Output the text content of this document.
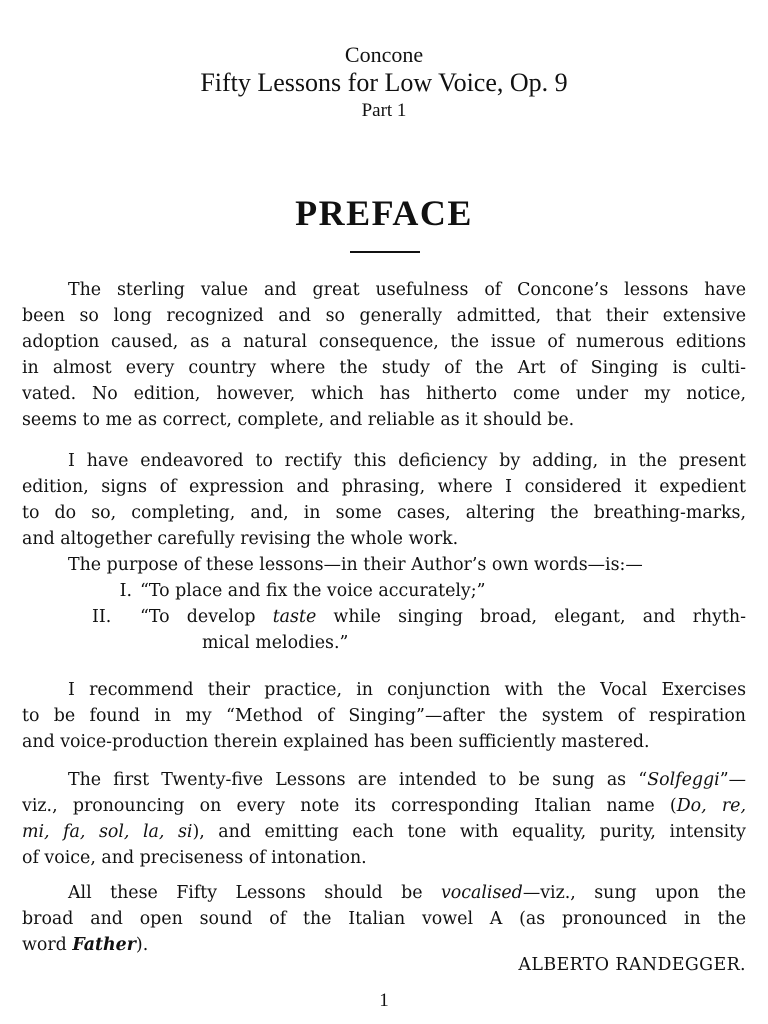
Concone
Fifty Lessons for Low Voice, Op. 9
Part 1
PREFACE
The sterling value and great usefulness of Concone’s lessons have
been so long recognized and so generally admitted, that their extensive
adoption caused, as a natural consequence, the issue of numerous editions
in almost every country where the study of the Art of Singing is culti-
vated. No edition, however, which has hitherto come under my notice,
seems to me as correct, complete, and reliable as it should be.
I have endeavored to rectify this deficiency by adding, in the present
edition, signs of expression and phrasing, where I considered it expedient
to do so, completing, and, in some cases, altering the breathing-marks,
and altogether carefully revising the whole work.
The purpose of these lessons—in their Author’s own words—is:—
I. “To place and fix the voice accurately;”
II. “To develop taste while singing broad, elegant, and rhyth-
mical melodies.”
I recommend their practice, in conjunction with the Vocal Exercises
to be found in my “Method of Singing”—after the system of respiration
and voice-production therein explained has been sufficiently mastered.
The first Twenty-five Lessons are intended to be sung as “Solfeggi”—
viz., pronouncing on every note its corresponding Italian name (Do, re,
mi, fa, sol, la, si), and emitting each tone with equality, purity, intensity
of voice, and preciseness of intonation.
All these Fifty Lessons should be vocalised—viz., sung upon the
broad and open sound of the Italian vowel A (as pronounced in the
word Father).
ALBERTO RANDEGGER.
1
